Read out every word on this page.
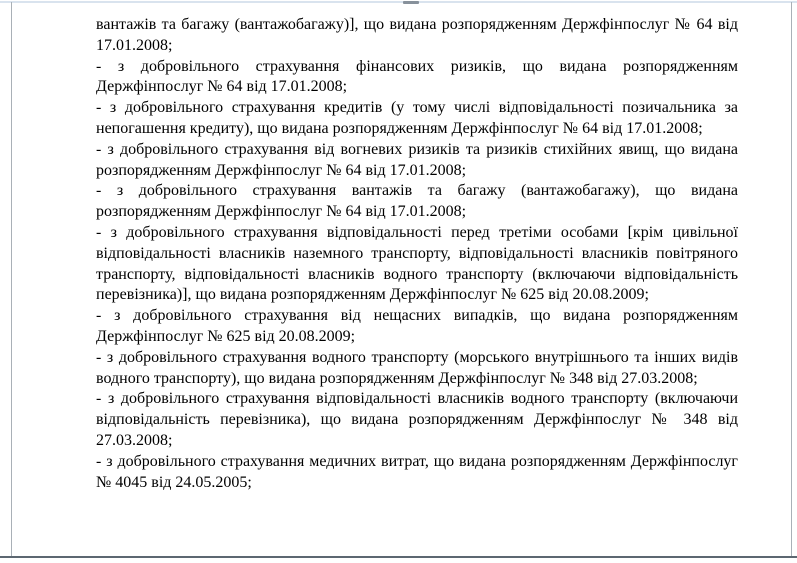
вантажів та багажу (вантажобагажу)], що видана розпорядженням Держфінпослуг № 64 від 17.01.2008;

- з добровільного страхування фінансових ризиків, що видана розпорядженням Держфінпослуг № 64 від 17.01.2008;

- з добровільного страхування кредитів (у тому числі відповідальності позичальника за непогашення кредиту), що видана розпорядженням Держфінпослуг № 64 від 17.01.2008;

- з добровільного страхування від вогневих ризиків та ризиків стихійних явищ, що видана розпорядженням Держфінпослуг № 64 від 17.01.2008;

- з добровільного страхування вантажів та багажу (вантажобагажу), що видана розпорядженням Держфінпослуг № 64 від 17.01.2008;

- з добровільного страхування відповідальності перед третіми особами [крім цивільної відповідальності власників наземного транспорту, відповідальності власників повітряного транспорту, відповідальності власників водного транспорту (включаючи відповідальність перевізника)], що видана розпорядженням Держфінпослуг № 625 від 20.08.2009;

- з добровільного страхування від нещасних випадків, що видана розпорядженням Держфінпослуг № 625 від 20.08.2009;

- з добровільного страхування водного транспорту (морського внутрішнього та інших видів водного транспорту), що видана розпорядженням Держфінпослуг № 348 від 27.03.2008;

- з добровільного страхування відповідальності власників водного транспорту (включаючи відповідальність перевізника), що видана розпорядженням Держфінпослуг № 348 від 27.03.2008;

- з добровільного страхування медичних витрат, що видана розпорядженням Держфінпослуг № 4045 від 24.05.2005;
